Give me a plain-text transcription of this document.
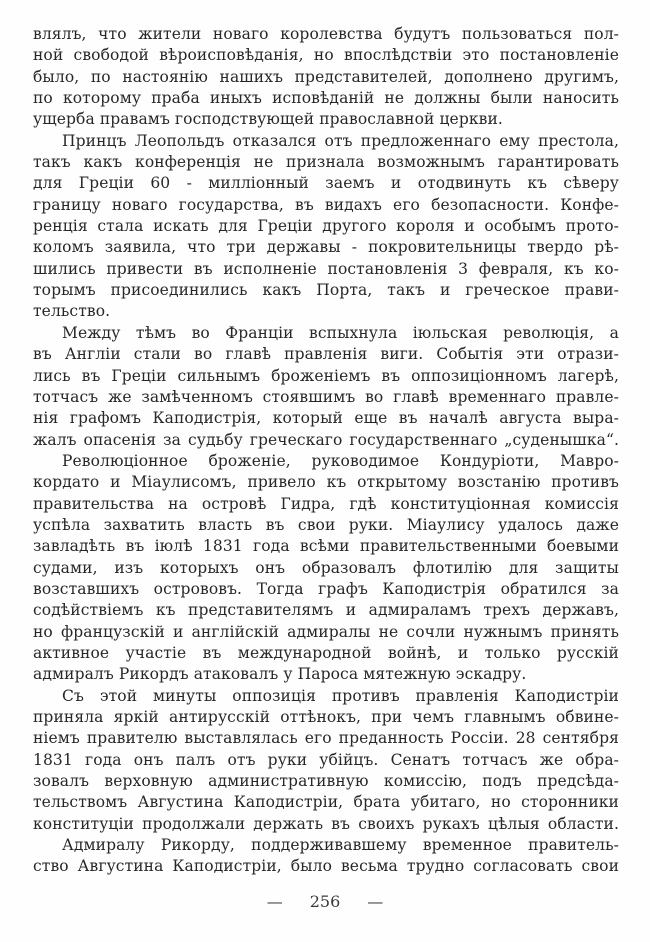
влялъ, что жители новаго королевства будутъ пользоваться пол-
ной свободой вѣроисповѣданія, но впослѣдствіи это постановленіе
было, по настоянію нашихъ представителей, дополнено другимъ,
по которому праба иныхъ исповѣданій не должны были наносить
ущерба правамъ господствующей православной церкви.
Принцъ Леопольдъ отказался отъ предложеннаго ему престола,
такъ какъ конференція не признала возможнымъ гарантировать
для Греціи 60 - милліонный заемъ и отодвинуть къ сѣверу
границу новаго государства, въ видахъ его безопасности. Конфе-
ренція стала искать для Греціи другого короля и особымъ прото-
коломъ заявила, что три державы - покровительницы твердо рѣ-
шились привести въ исполненіе постановленія 3 февраля, къ ко-
торымъ присоединились какъ Порта, такъ и греческое прави-
тельство.
Между тѣмъ во Франціи вспыхнула іюльская революція, а
въ Англіи стали во главѣ правленія виги. Событія эти отрази-
лись въ Греціи сильнымъ броженіемъ въ оппозиціонномъ лагерѣ,
тотчасъ же замѣченномъ стоявшимъ во главѣ временнаго правле-
нія графомъ Каподистрія, который еще въ началѣ августа выра-
жалъ опасенія за судьбу греческаго государственнаго „суденышка“.
Революціонное броженіе, руководимое Кондуріоти, Мавро-
кордато и Міаулисомъ, привело къ открытому возстанію противъ
правительства на островѣ Гидра, гдѣ конституціонная комиссія
успѣла захватить власть въ свои руки. Міаулису удалось даже
завладѣть въ іюлѣ 1831 года всѣми правительственными боевыми
судами, изъ которыхъ онъ образовалъ флотилію для защиты
возставшихъ острововъ. Тогда графъ Каподистрія обратился за
содѣйствіемъ къ представителямъ и адмираламъ трехъ державъ,
но французскій и англійскій адмиралы не сочли нужнымъ принять
активное участіе въ международной войнѣ, и только русскій
адмиралъ Рикордъ атаковалъ у Пароса мятежную эскадру.
Съ этой минуты оппозиція противъ правленія Каподистріи
приняла яркій антирусскій оттѣнокъ, при чемъ главнымъ обвине-
ніемъ правителю выставлялась его преданность Россіи. 28 сентября
1831 года онъ палъ отъ руки убійцъ. Сенатъ тотчасъ же обра-
зовалъ верховную административную комиссію, подъ предсѣда-
тельствомъ Августина Каподистріи, брата убитаго, но сторонники
конституціи продолжали держать въ своихъ рукахъ цѣлыя области.
Адмиралу Рикорду, поддерживавшему временное правитель-
ство Августина Каподистріи, было весьма трудно согласовать свои
— 256 —
